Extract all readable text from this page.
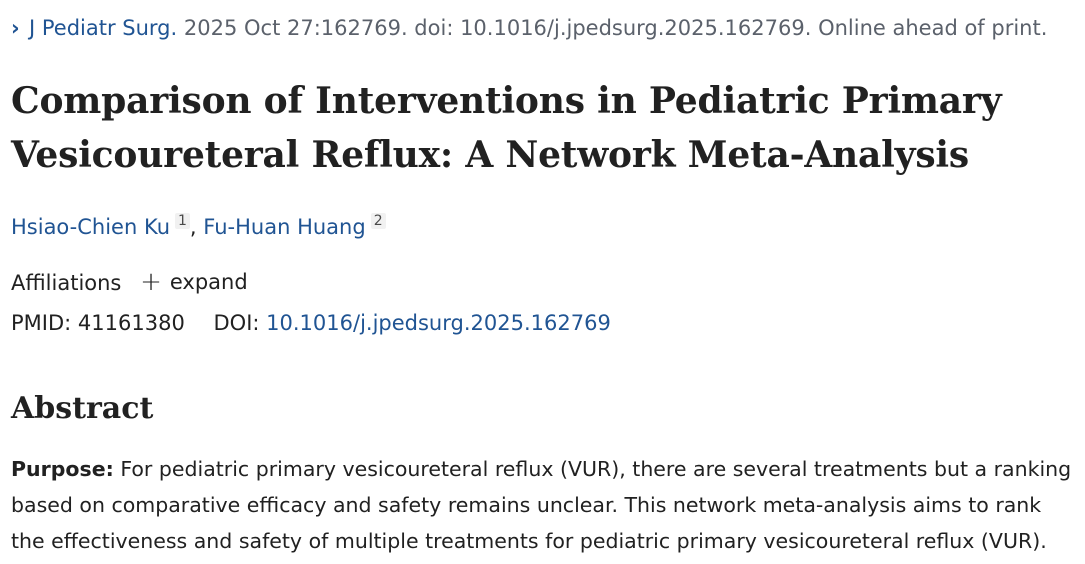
› J Pediatr Surg. 2025 Oct 27:162769. doi: 10.1016/j.jpedsurg.2025.162769. Online ahead of print.
Comparison of Interventions in Pediatric Primary Vesicoureteral Reflux: A Network Meta-Analysis
Hsiao-Chien Ku 1 , Fu-Huan Huang 2
Affiliations + expand
PMID: 41161380 DOI: 10.1016/j.jpedsurg.2025.162769
Abstract

Purpose: For pediatric primary vesicoureteral reflux (VUR), there are several treatments but a ranking based on comparative efficacy and safety remains unclear. This network meta-analysis aims to rank the effectiveness and safety of multiple treatments for pediatric primary vesicoureteral reflux (VUR).
